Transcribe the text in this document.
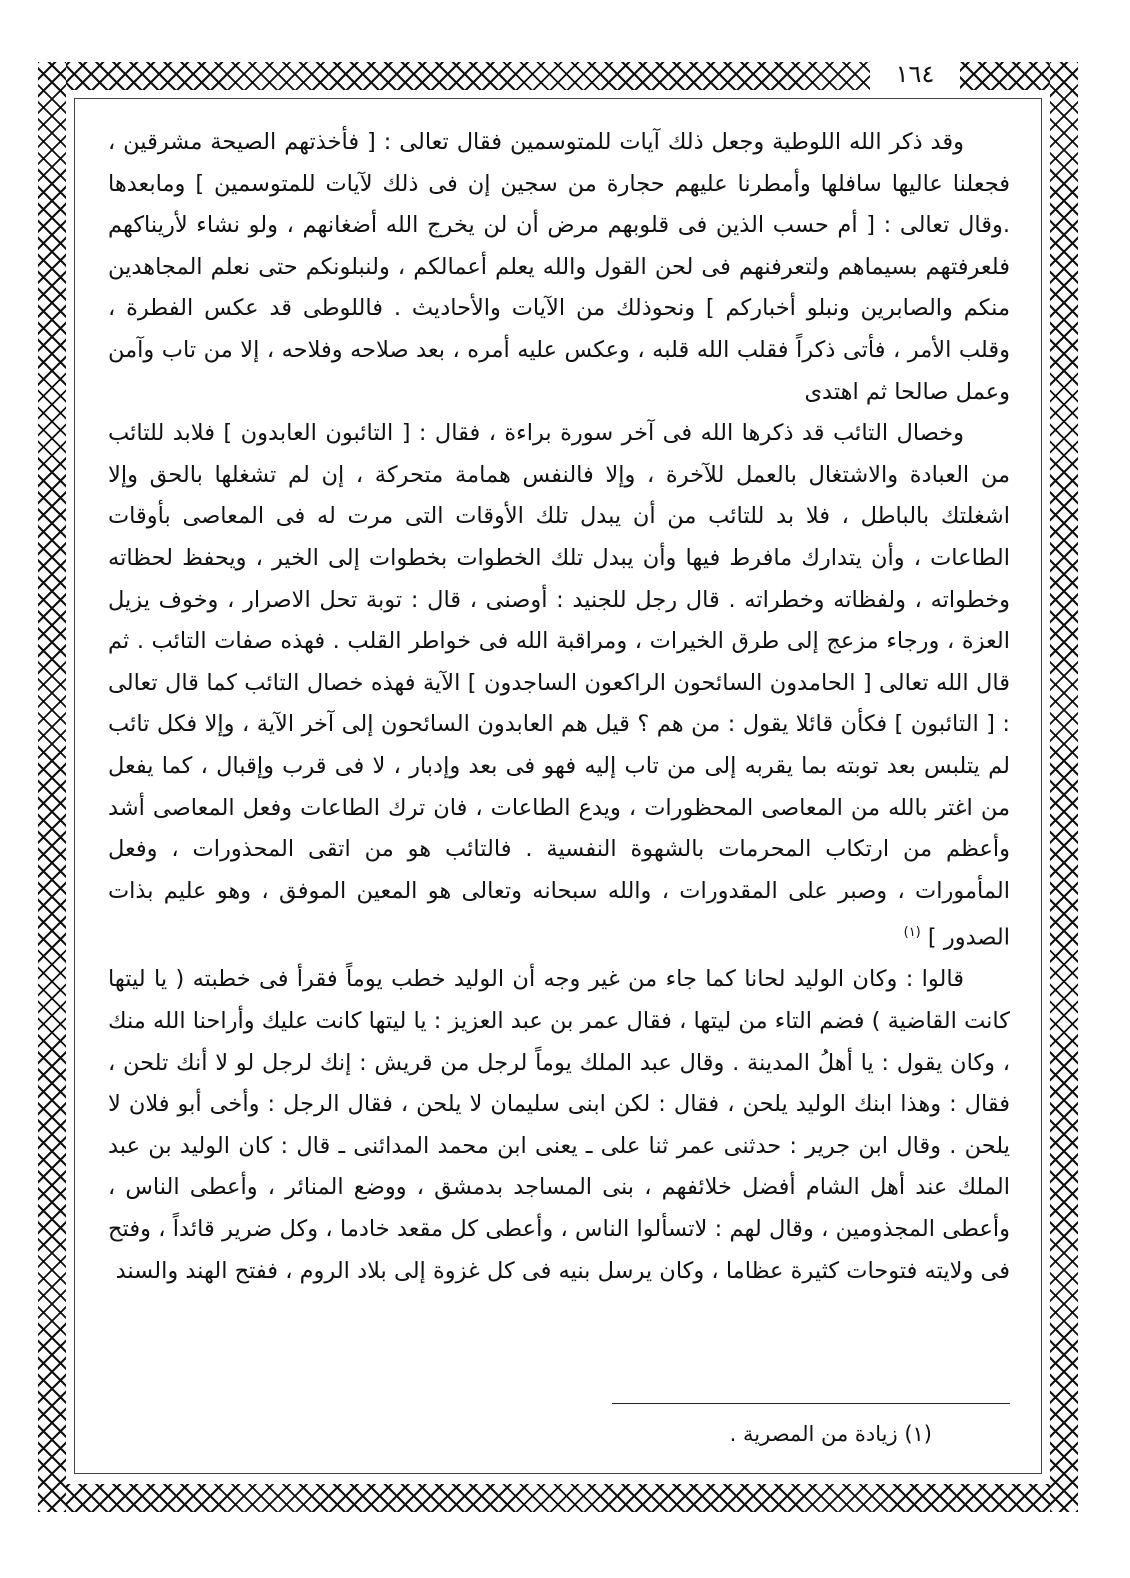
١٦٤

وقد ذكر الله اللوطية وجعل ذلك آيات للمتوسمين فقال تعالى : [ فأخذتهم الصيحة مشرقين ، فجعلنا عاليها سافلها وأمطرنا عليهم حجارة من سجين إن فى ذلك لآيات للمتوسمين ] ومابعدها .وقال تعالى : [ أم حسب الذين فى قلوبهم مرض أن لن يخرج الله أضغانهم ، ولو نشاء لأريناكهم فلعرفتهم بسيماهم ولتعرفنهم فى لحن القول والله يعلم أعمالكم ، ولنبلونكم حتى نعلم المجاهدين منكم والصابرين ونبلو أخباركم ] ونحوذلك من الآيات والأحاديث . فاللوطى قد عكس الفطرة ، وقلب الأمر ، فأتى ذكراً فقلب الله قلبه ، وعكس عليه أمره ، بعد صلاحه وفلاحه ، إلا من تاب وآمن وعمل صالحا ثم اهتدى

وخصال التائب قد ذكرها الله فى آخر سورة براءة ، فقال : [ التائبون العابدون ] فلابد للتائب من العبادة والاشتغال بالعمل للآخرة ، وإلا فالنفس همامة متحركة ، إن لم تشغلها بالحق وإلا اشغلتك بالباطل ، فلا بد للتائب من أن يبدل تلك الأوقات التى مرت له فى المعاصى بأوقات الطاعات ، وأن يتدارك مافرط فيها وأن يبدل تلك الخطوات بخطوات إلى الخير ، ويحفظ لحظاته وخطواته ، ولفظاته وخطراته . قال رجل للجنيد : أوصنى ، قال : توبة تحل الاصرار ، وخوف يزيل العزة ، ورجاء مزعج إلى طرق الخيرات ، ومراقبة الله فى خواطر القلب . فهذه صفات التائب . ثم قال الله تعالى [ الحامدون السائحون الراكعون الساجدون ] الآية فهذه خصال التائب كما قال تعالى : [ التائبون ] فكأن قائلا يقول : من هم ؟ قيل هم العابدون السائحون إلى آخر الآية ، وإلا فكل تائب لم يتلبس بعد توبته بما يقربه إلى من تاب إليه فهو فى بعد وإدبار ، لا فى قرب وإقبال ، كما يفعل من اغتر بالله من المعاصى المحظورات ، ويدع الطاعات ، فان ترك الطاعات وفعل المعاصى أشد وأعظم من ارتكاب المحرمات بالشهوة النفسية . فالتائب هو من اتقى المحذورات ، وفعل المأمورات ، وصبر على المقدورات ، والله سبحانه وتعالى هو المعين الموفق ، وهو عليم بذات الصدور ] $^{(١)}$

قالوا : وكان الوليد لحانا كما جاء من غير وجه أن الوليد خطب يوماً فقرأ فى خطبته ( يا ليتها كانت القاضية ) فضم التاء من ليتها ، فقال عمر بن عبد العزيز : يا ليتها كانت عليك وأراحنا الله منك ، وكان يقول : يا أهلُ المدينة . وقال عبد الملك يوماً لرجل من قريش : إنك لرجل لو لا أنك تلحن ، فقال : وهذا ابنك الوليد يلحن ، فقال : لكن ابنى سليمان لا يلحن ، فقال الرجل : وأخى أبو فلان لا يلحن . وقال ابن جرير : حدثنى عمر ثنا على ـ يعنى ابن محمد المدائنى ـ قال : كان الوليد بن عبد الملك عند أهل الشام أفضل خلائفهم ، بنى المساجد بدمشق ، ووضع المنائر ، وأعطى الناس ، وأعطى المجذومين ، وقال لهم : لاتسألوا الناس ، وأعطى كل مقعد خادما ، وكل ضرير قائداً ، وفتح فى ولايته فتوحات كثيرة عظاما ، وكان يرسل بنيه فى كل غزوة إلى بلاد الروم ، ففتح الهند والسند

(١) زيادة من المصرية .
